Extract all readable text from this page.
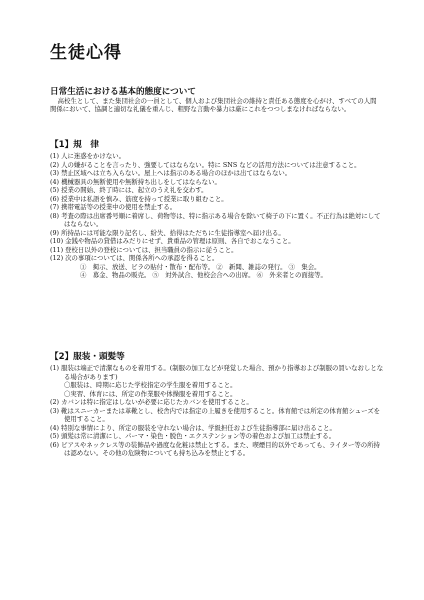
生徒心得
日常生活における基本的態度について
高校生として、また集団社会の一員として、個人および集団社会の維持と責任ある態度を心がけ、すべての人間関係において、協調と適切な礼儀を重んじ、粗野な言動や暴力は厳にこれをつつしまなければならない。
【1】規　律

(1) 人に迷惑をかけない。

(2) 人の嫌がることを言ったり、強要してはならない。特に SNS などの活用方法については注意すること。

(3) 禁止区域へは立ち入らない。屋上へは指示のある場合のほかは出てはならない。

(4) 機械器具の無断使用や無断持ち出しをしてはならない。

(5) 授業の開始、終了時には、起立のうえ礼を交わす。

(6) 授業中は私語を慎み、筋度を持って授業に取り組むこと。

(7) 携帯電話等の授業中の使用を禁止する。

(8) 考査の際は出席番号順に着席し、荷物等は、特に指示ある場合を除いて椅子の下に置く。不正行為は絶対にしてはならない。

(9) 所持品には可能な限り記名し、紛失、拾得はただちに生徒指導室へ届け出る。

(10) 金銭や物品の貸借はみだりにせず、貴重品の管理は原則、各自でおこなうこと。

(11) 登校日以外の登校については、担当職員の指示に従うこと。

(12) 次の事項については、関係各所への承認を得ること。

①　掲示、放送、ビラの貼付・散布・配布等。 ②　新聞、雑誌の発行。 ③　集会。

④　募金、物品の販売。 ⑤　対外試合、他校会合への出席。 ⑥　外来者との面接等。

【2】服装・頭髪等

(1) 服装は端正で清潔なものを着用する。(制服の加工などが発覚した場合、預かり指導および制服の買いなおしとなる場合があります)

〇服装は、時期に応じた学校指定の学生服を着用すること。

〇実習、体育には、所定の作業服や体操服を着用すること。

(2) カバンは特に指定はしないが必要に応じたカバンを使用すること。

(3) 靴はスニーカーまたは革靴とし、校舎内では指定の上履きを使用すること。体育館では所定の体育館シューズを使用すること。

(4) 特別な事情により、所定の服装を守れない場合は、学級担任および生徒指導部に届け出ること。

(5) 頭髪は常に清潔にし、パーマ・染色・脱色・エクステンション等の着色および加工は禁止する。

(6) ピアスやネックレス等の装飾品や過度な化粧は禁止とする。また、喫煙目的以外であっても、ライター等の所持は認めない。その他の危険物についても持ち込みを禁止とする。
